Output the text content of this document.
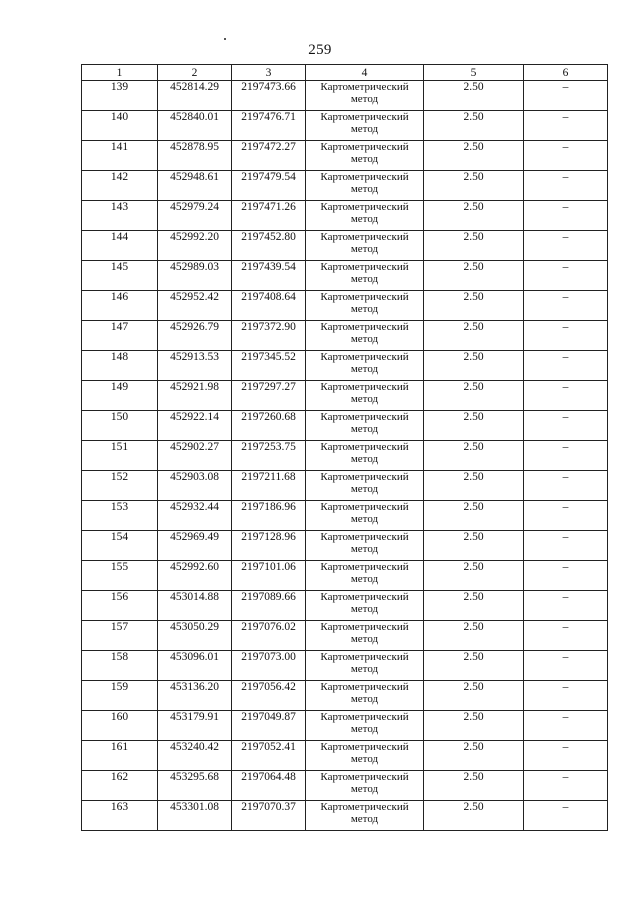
259
1	2	3	4	5	6
139	452814.29	2197473.66	Картометрический метод	2.50	–
140	452840.01	2197476.71	Картометрический метод	2.50	–
141	452878.95	2197472.27	Картометрический метод	2.50	–
142	452948.61	2197479.54	Картометрический метод	2.50	–
143	452979.24	2197471.26	Картометрический метод	2.50	–
144	452992.20	2197452.80	Картометрический метод	2.50	–
145	452989.03	2197439.54	Картометрический метод	2.50	–
146	452952.42	2197408.64	Картометрический метод	2.50	–
147	452926.79	2197372.90	Картометрический метод	2.50	–
148	452913.53	2197345.52	Картометрический метод	2.50	–
149	452921.98	2197297.27	Картометрический метод	2.50	–
150	452922.14	2197260.68	Картометрический метод	2.50	–
151	452902.27	2197253.75	Картометрический метод	2.50	–
152	452903.08	2197211.68	Картометрический метод	2.50	–
153	452932.44	2197186.96	Картометрический метод	2.50	–
154	452969.49	2197128.96	Картометрический метод	2.50	–
155	452992.60	2197101.06	Картометрический метод	2.50	–
156	453014.88	2197089.66	Картометрический метод	2.50	–
157	453050.29	2197076.02	Картометрический метод	2.50	–
158	453096.01	2197073.00	Картометрический метод	2.50	–
159	453136.20	2197056.42	Картометрический метод	2.50	–
160	453179.91	2197049.87	Картометрический метод	2.50	–
161	453240.42	2197052.41	Картометрический метод	2.50	–
162	453295.68	2197064.48	Картометрический метод	2.50	–
163	453301.08	2197070.37	Картометрический метод	2.50	–
